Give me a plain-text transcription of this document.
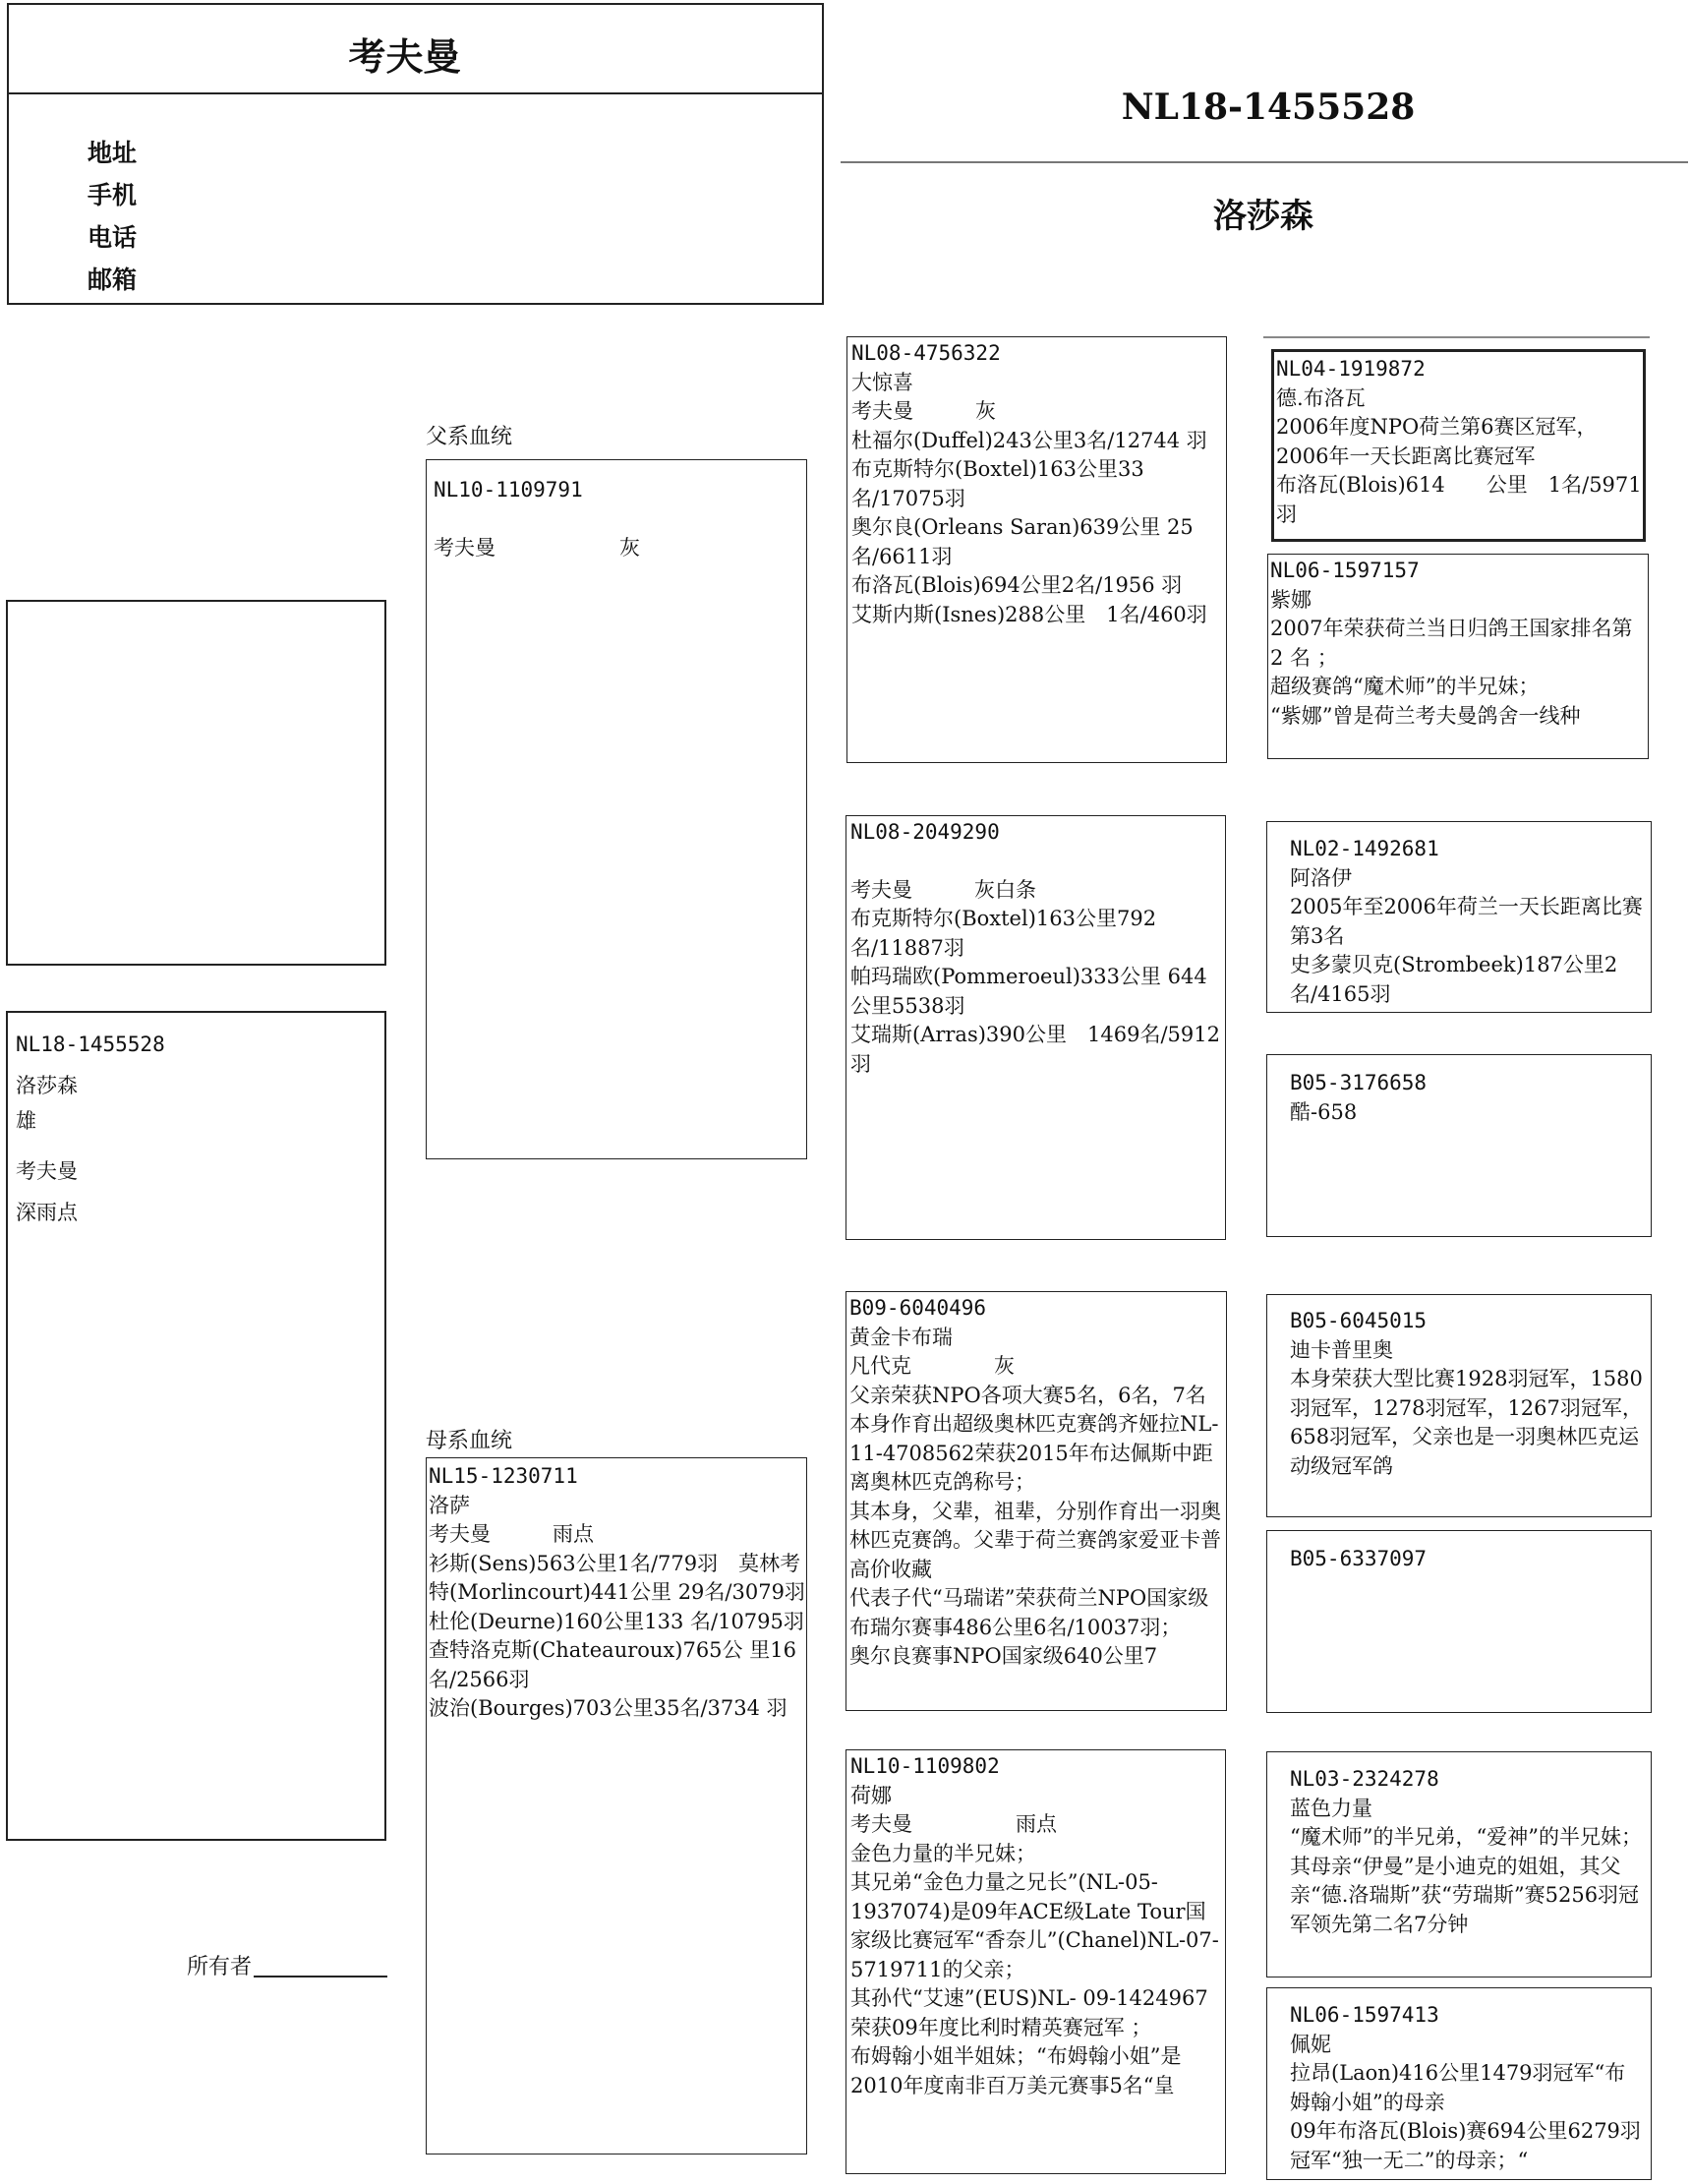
考夫曼
地址
手机
电话
邮箱
NL18-1455528
洛莎森
NL18-1455528
洛莎森
雄
考夫曼
深雨点
所有者
父系血统
NL10-1109791
考夫曼　　　　　　灰
母系血统
NL15-1230711
洛萨
考夫曼　　　雨点
衫斯(Sens)563公里1名/779羽　莫林考特(Morlincourt)441公里 29名/3079羽
杜伦(Deurne)160公里133 名/10795羽
查特洛克斯(Chateauroux)765公 里16名/2566羽
波治(Bourges)703公里35名/3734 羽
NL08-4756322
大惊喜
考夫曼　　　灰
杜福尔(Duffel)243公里3名/12744 羽
布克斯特尔(Boxtel)163公里33 名/17075羽
奥尔良(Orleans Saran)639公里 25名/6611羽
布洛瓦(Blois)694公里2名/1956 羽
艾斯内斯(Isnes)288公里　1名/460羽
NL08-2049290
考夫曼　　　灰白条
布克斯特尔(Boxtel)163公里792 名/11887羽
帕玛瑞欧(Pommeroeul)333公里 644公里5538羽
艾瑞斯(Arras)390公里　1469名/5912羽
B09-6040496
黄金卡布瑞
凡代克　　　　灰
父亲荣获NPO各项大赛5名，6名，7名
本身作育出超级奥林匹克赛鸽齐娅拉NL-11-4708562荣获2015年布达佩斯中距离奥林匹克鸽称号；
其本身，父辈，祖辈，分别作育出一羽奥林匹克赛鸽。父辈于荷兰赛鸽家爱亚卡普高价收藏
代表子代“马瑞诺”荣获荷兰NPO国家级布瑞尔赛事486公里6名/10037羽；
奥尔良赛事NPO国家级640公里7
NL10-1109802
荷娜
考夫曼　　　　　雨点
金色力量的半兄妹；
其兄弟“金色力量之兄长”(NL-05-1937074)是09年ACE级Late Tour国家级比赛冠军“香奈儿”(Chanel)NL-07-5719711的父亲；
其孙代“艾速”(EUS)NL- 09-1424967荣获09年度比利时精英赛冠军 ；
布姆翰小姐半姐妹；“布姆翰小姐”是2010年度南非百万美元赛事5名“皇
NL04-1919872
德.布洛瓦
2006年度NPO荷兰第6赛区冠军，2006年一天长距离比赛冠军
布洛瓦(Blois)614　　公里　1名/5971羽
NL06-1597157
紫娜
2007年荣获荷兰当日归鸽王国家排名第 2 名 ；
超级赛鸽“魔术师”的半兄妹；
“紫娜”曾是荷兰考夫曼鸽舍一线种
NL02-1492681
阿洛伊
2005年至2006年荷兰一天长距离比赛第3名
史多蒙贝克(Strombeek)187公里2名/4165羽
B05-3176658
酷-658
B05-6045015
迪卡普里奥
本身荣获大型比赛1928羽冠军，1580 羽冠军，1278羽冠军，1267羽冠军，658羽冠军，父亲也是一羽奥林匹克运动级冠军鸽
B05-6337097
NL03-2324278
蓝色力量
“魔术师”的半兄弟，“爱神”的半兄妹；其母亲“伊曼”是小迪克的姐姐，其父亲“德.洛瑞斯”获“劳瑞斯”赛5256羽冠军领先第二名7分钟
NL06-1597413
佩妮
拉昂(Laon)416公里1479羽冠军“布姆翰小姐”的母亲
09年布洛瓦(Blois)赛694公里6279羽 冠军“独一无二”的母亲；“
